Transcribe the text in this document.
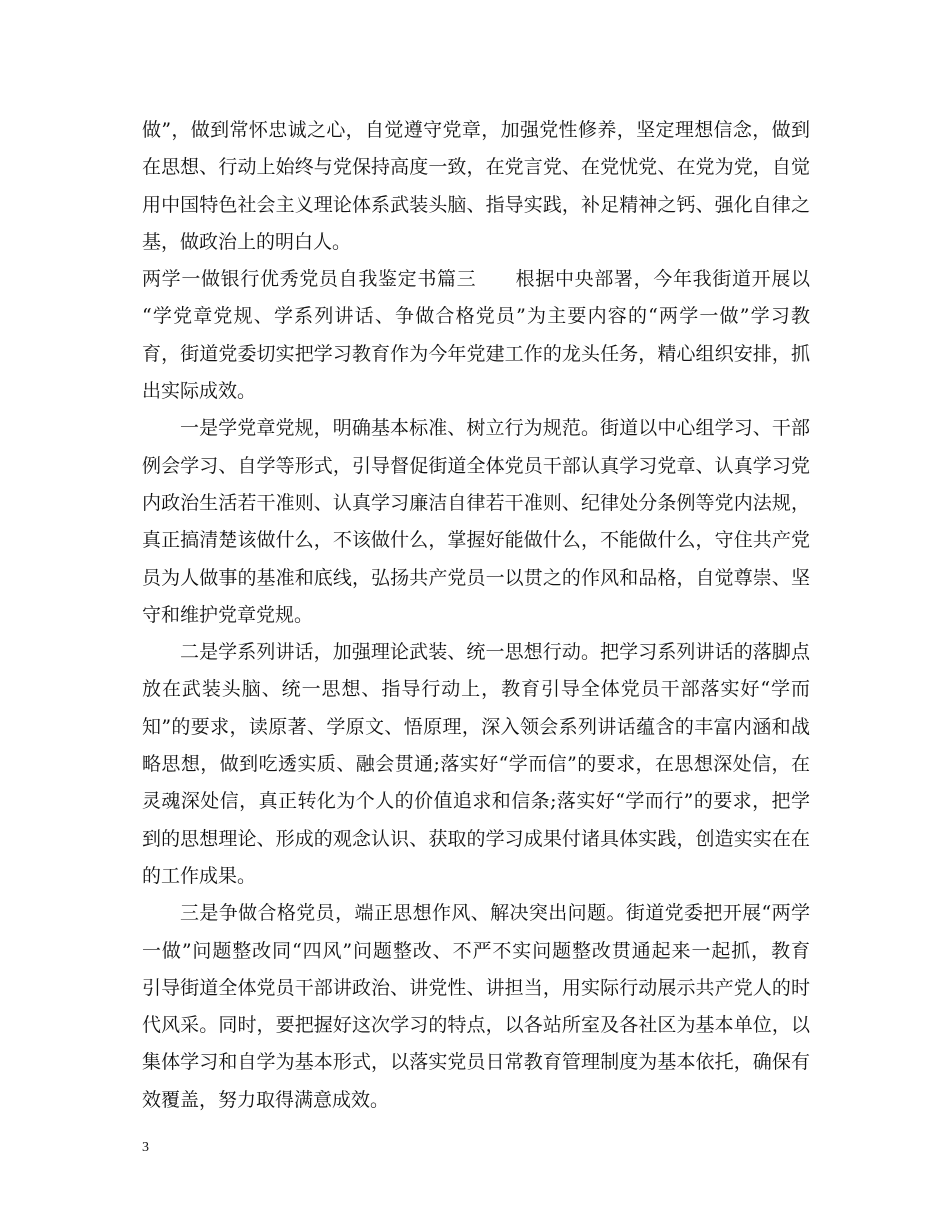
做”，做到常怀忠诚之心，自觉遵守党章，加强党性修养，坚定理想信念，做到
在思想、行动上始终与党保持高度一致，在党言党、在党忧党、在党为党，自觉
用中国特色社会主义理论体系武装头脑、指导实践，补足精神之钙、强化自律之
基，做政治上的明白人。
两学一做银行优秀党员自我鉴定书篇三　　根据中央部署，今年我街道开展以
“学党章党规、学系列讲话、争做合格党员”为主要内容的“两学一做”学习教
育，街道党委切实把学习教育作为今年党建工作的龙头任务，精心组织安排，抓
出实际成效。
一是学党章党规，明确基本标准、树立行为规范。街道以中心组学习、干部
例会学习、自学等形式，引导督促街道全体党员干部认真学习党章、认真学习党
内政治生活若干准则、认真学习廉洁自律若干准则、纪律处分条例等党内法规，
真正搞清楚该做什么，不该做什么，掌握好能做什么，不能做什么，守住共产党
员为人做事的基准和底线，弘扬共产党员一以贯之的作风和品格，自觉尊崇、坚
守和维护党章党规。
二是学系列讲话，加强理论武装、统一思想行动。把学习系列讲话的落脚点
放在武装头脑、统一思想、指导行动上，教育引导全体党员干部落实好“学而
知”的要求，读原著、学原文、悟原理，深入领会系列讲话蕴含的丰富内涵和战
略思想，做到吃透实质、融会贯通;落实好“学而信”的要求，在思想深处信，在
灵魂深处信，真正转化为个人的价值追求和信条;落实好“学而行”的要求，把学
到的思想理论、形成的观念认识、获取的学习成果付诸具体实践，创造实实在在
的工作成果。
三是争做合格党员，端正思想作风、解决突出问题。街道党委把开展“两学
一做”问题整改同“四风”问题整改、不严不实问题整改贯通起来一起抓，教育
引导街道全体党员干部讲政治、讲党性、讲担当，用实际行动展示共产党人的时
代风采。同时，要把握好这次学习的特点，以各站所室及各社区为基本单位，以
集体学习和自学为基本形式，以落实党员日常教育管理制度为基本依托，确保有
效覆盖，努力取得满意成效。
3
